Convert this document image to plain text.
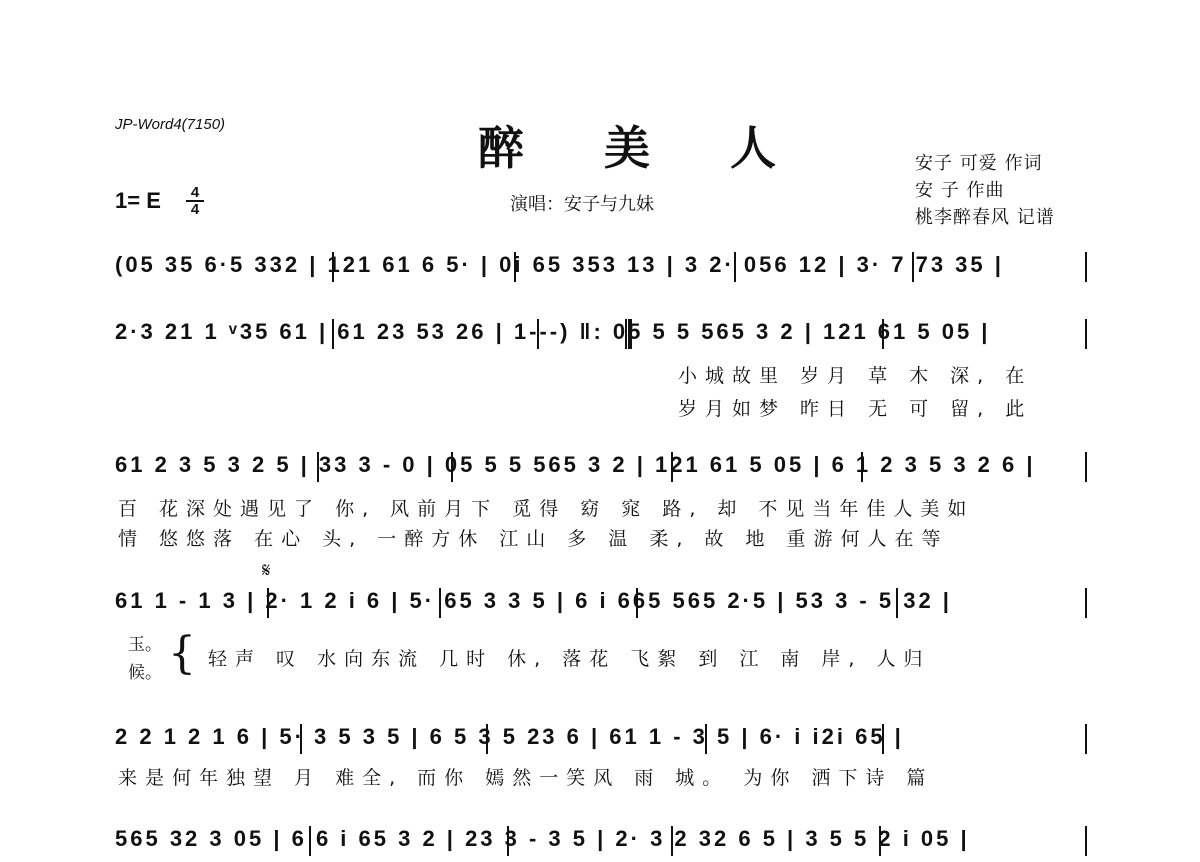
JP-Word4(7150)	醉 美 人
1= E $\frac{4}{4}$	演唱：安子与九妹
安子 可爱 作词
安 子 作曲
桃李醉春风 记谱
(05 35 6·5 332 | 121 61 6 5· | 0i 65 353 13 | 3 2· 056 12 | 3· 7 73 35 |
2·3 21 1 ᵛ35 61 | 61 23 53 26 | 1---) ‖: 05 5 5 565 3 2 | 121 61 5 05 |
小城故里 岁月 草 木 深, 在
岁月如梦 昨日 无 可 留, 此
61 2 3 5 3 2 5 | 33 3 - 0 | 05 5 5 565 3 2 | 121 61 5 05 | 6 1 2 3 5 3 2 6 |
百 花深处遇见了 你, 风前月下 觅得 窈 窕 路, 却 不见当年佳人美如
情 悠悠落 在心 头, 一醉方休 江山 多 温 柔, 故 地 重游何人在等
𝄋
61 1 - 1 3 | 2· 1 2 i 6 | 5· 65 3 3 5 | 6 i 665 565 2·5 | 53 3 - 5 32 |
玉。
候。 { 轻声 叹 水向东流 几时 休, 落花 飞絮 到 江 南 岸, 人归
2 2 1 2 1 6 | 5· 3 5 3 5 | 6 5 3 5 23 6 | 61 1 - 3 5 | 6· i i2i 65 |
来是何年独望 月 难全, 而你 嫣然一笑风 雨 城。 为你 洒下诗 篇
565 32 3 05 | 6 6 i 65 3 2 | 23 3 - 3 5 | 2· 3 2 32 6 5 | 3 5 5 2 i 05 |
